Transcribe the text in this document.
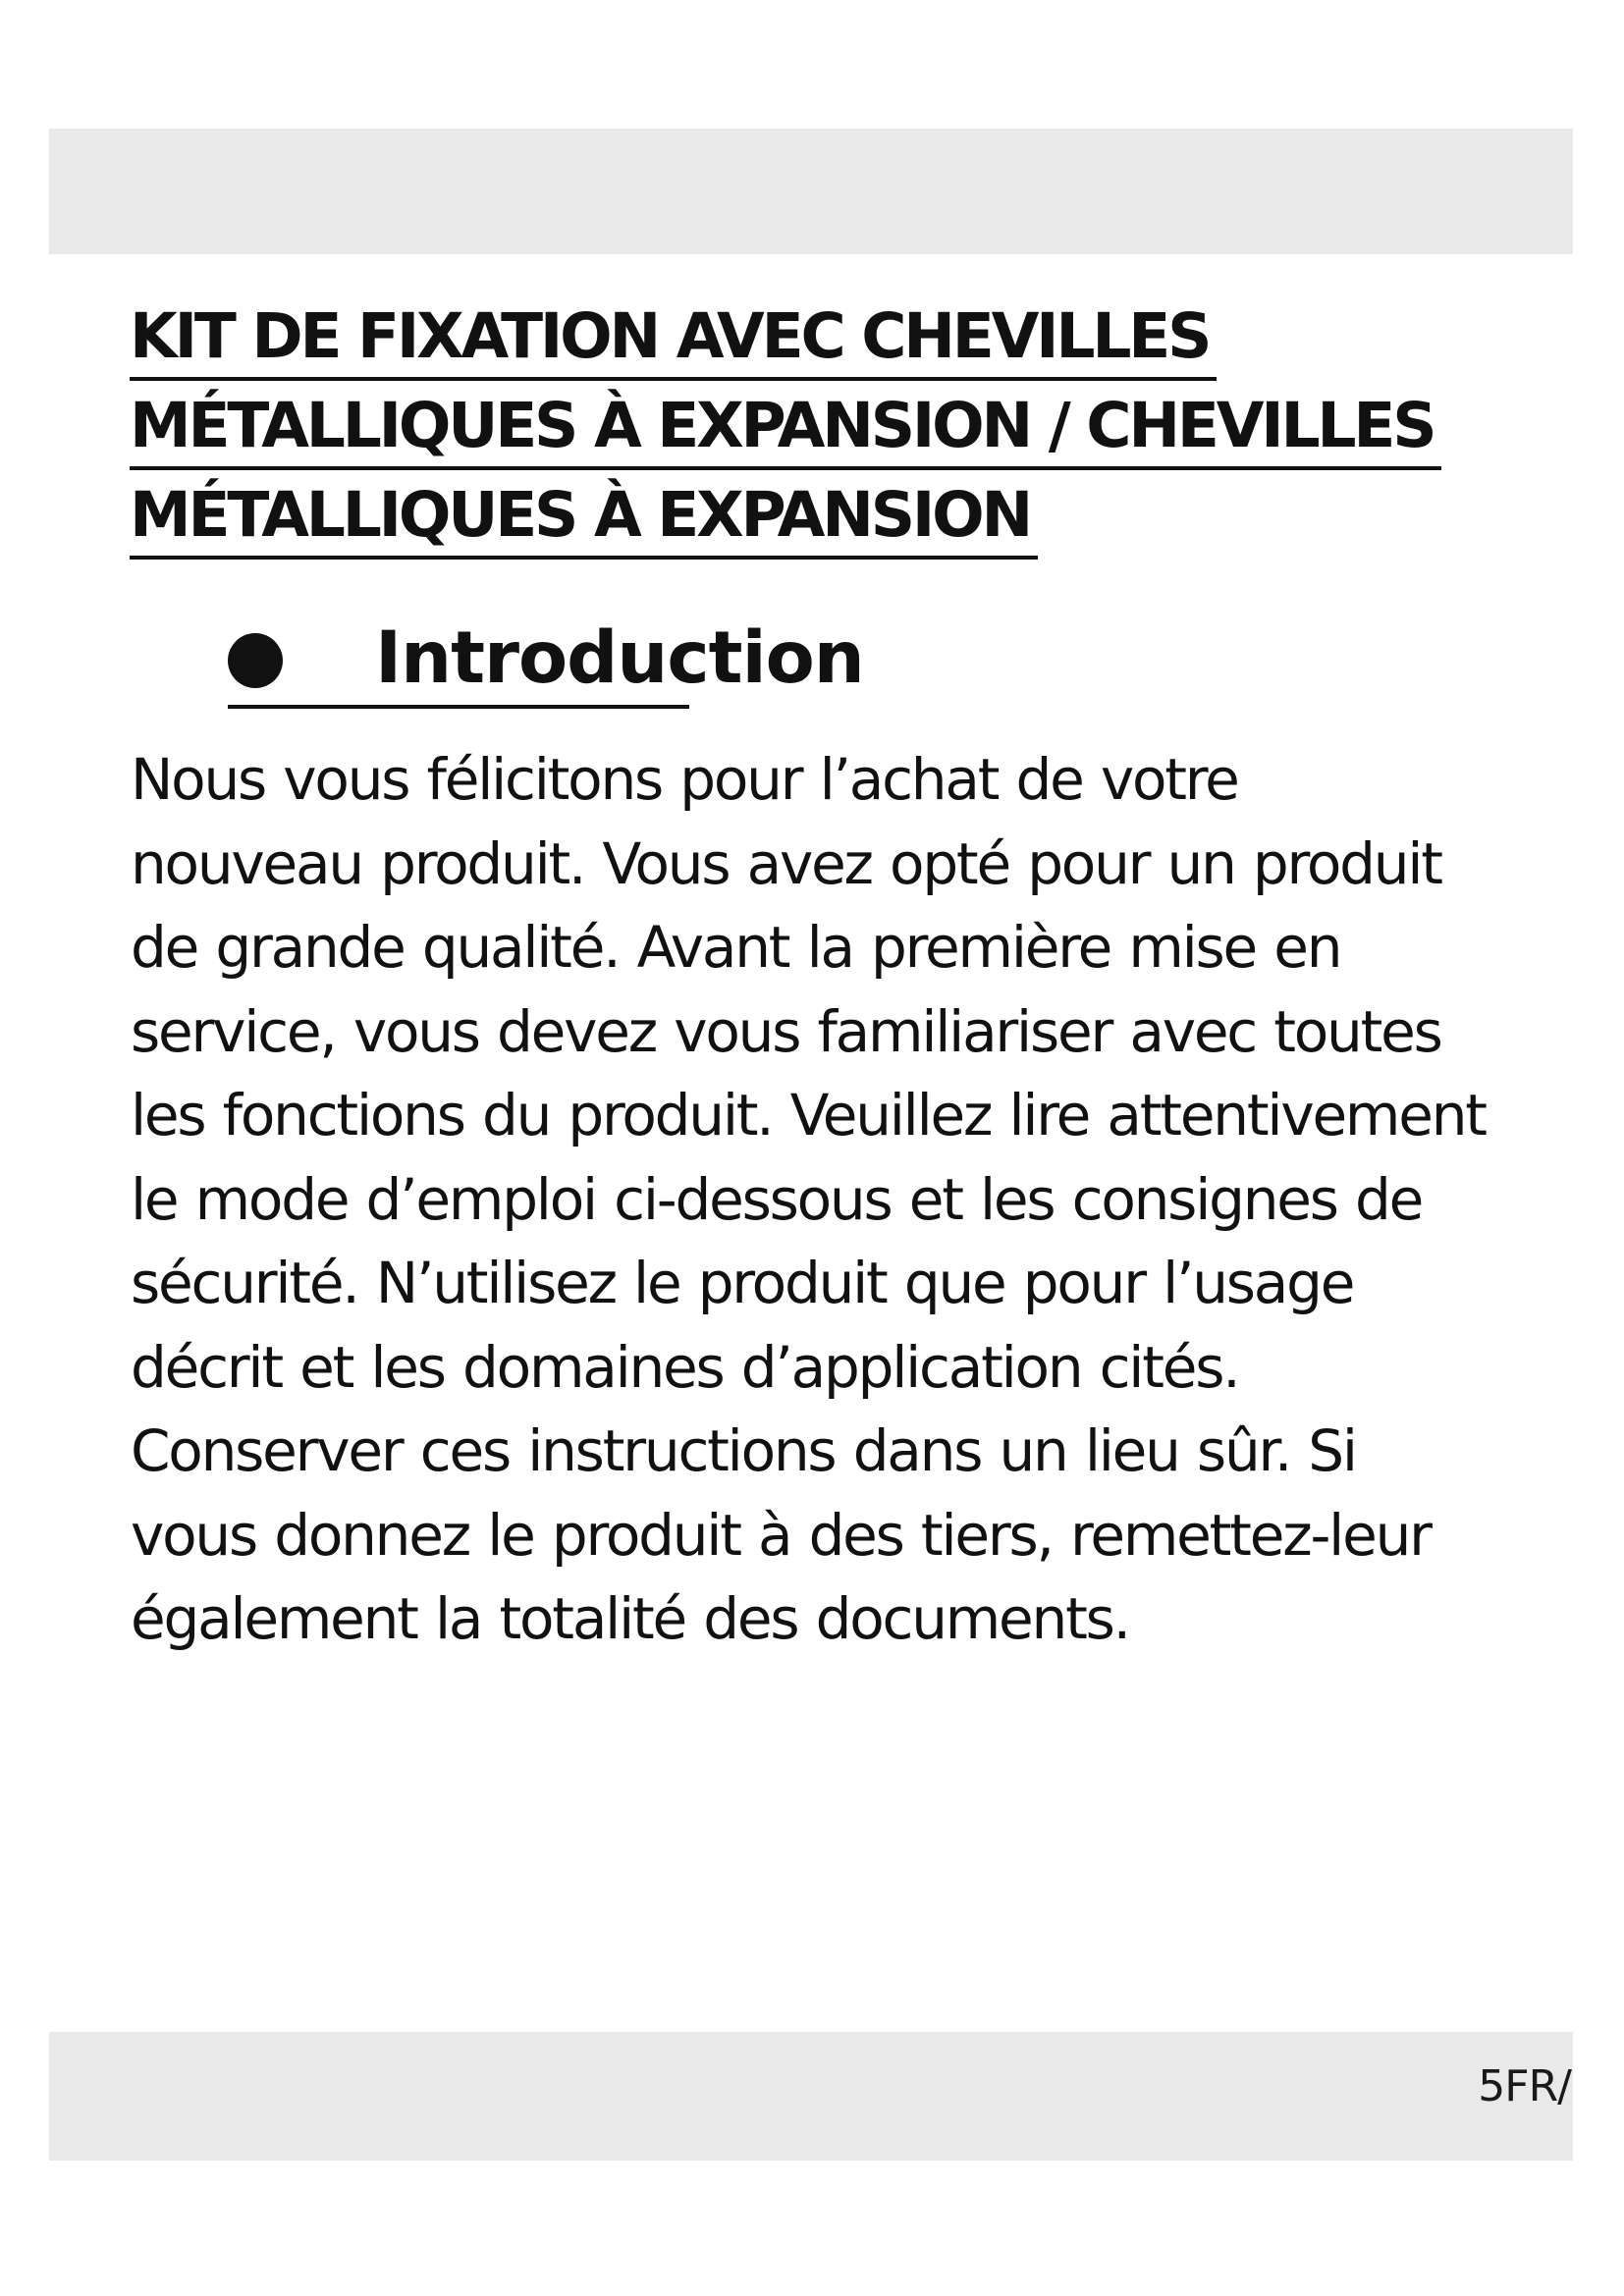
KIT DE FIXATION AVEC CHEVILLES
MÉTALLIQUES À EXPANSION / CHEVILLES
MÉTALLIQUES À EXPANSION
Introduction
Nous vous félicitons pour l’achat de votre
nouveau produit. Vous avez opté pour un produit
de grande qualité. Avant la première mise en
service, vous devez vous familiariser avec toutes
les fonctions du produit. Veuillez lire attentivement
le mode d’emploi ci-dessous et les consignes de
sécurité. N’utilisez le produit que pour l’usage
décrit et les domaines d’application cités.
Conserver ces instructions dans un lieu sûr. Si
vous donnez le produit à des tiers, remettez-leur
également la totalité des documents.
5FR/
